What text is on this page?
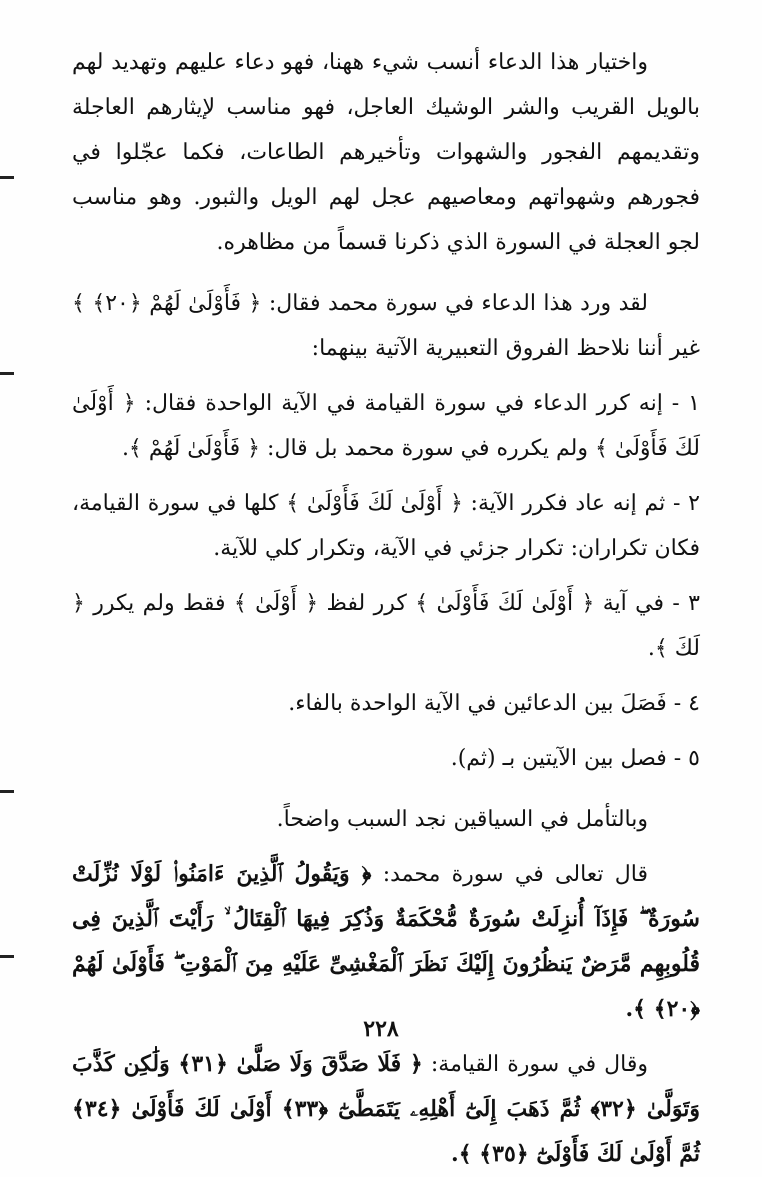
واختيار هذا الدعاء أنسب شيء ههنا، فهو دعاء عليهم وتهديد لهم بالويل القريب والشر الوشيك العاجل، فهو مناسب لإيثارهم العاجلة وتقديمهم الفجور والشهوات وتأخيرهم الطاعات، فكما عجّلوا في فجورهم وشهواتهم ومعاصيهم عجل لهم الويل والثبور. وهو مناسب لجو العجلة في السورة الذي ذكرنا قسماً من مظاهره.

لقد ورد هذا الدعاء في سورة محمد فقال: ﴿ فَأَوْلَىٰ لَهُمْ ﴿٢٠﴾ ﴾ غير أننا نلاحظ الفروق التعبيرية الآتية بينهما:

١ - إنه كرر الدعاء في سورة القيامة في الآية الواحدة فقال: ﴿ أَوْلَىٰ لَكَ فَأَوْلَىٰ ﴾ ولم يكرره في سورة محمد بل قال: ﴿ فَأَوْلَىٰ لَهُمْ ﴾.

٢ - ثم إنه عاد فكرر الآية: ﴿ أَوْلَىٰ لَكَ فَأَوْلَىٰ ﴾ كلها في سورة القيامة، فكان تكراران: تكرار جزئي في الآية، وتكرار كلي للآية.

٣ - في آية ﴿ أَوْلَىٰ لَكَ فَأَوْلَىٰ ﴾ كرر لفظ ﴿ أَوْلَىٰ ﴾ فقط ولم يكرر ﴿ لَكَ ﴾.

٤ - فَصَلَ بين الدعائين في الآية الواحدة بالفاء.

٥ - فصل بين الآيتين بـ (ثم).

وبالتأمل في السياقين نجد السبب واضحاً.

قال تعالى في سورة محمد: ﴿ وَيَقُولُ ٱلَّذِينَ ءَامَنُوا۟ لَوْلَا نُزِّلَتْ سُورَةٌ ۖ فَإِذَآ أُنزِلَتْ سُورَةٌ مُّحْكَمَةٌ وَذُكِرَ فِيهَا ٱلْقِتَالُ ۙ رَأَيْتَ ٱلَّذِينَ فِى قُلُوبِهِم مَّرَضٌ يَنظُرُونَ إِلَيْكَ نَظَرَ ٱلْمَغْشِىِّ عَلَيْهِ مِنَ ٱلْمَوْتِ ۖ فَأَوْلَىٰ لَهُمْ ﴿٢٠﴾ ﴾.

وقال في سورة القيامة: ﴿ فَلَا صَدَّقَ وَلَا صَلَّىٰ ﴿٣١﴾ وَلَٰكِن كَذَّبَ وَتَوَلَّىٰ ﴿٣٢﴾ ثُمَّ ذَهَبَ إِلَىٰٓ أَهْلِهِۦ يَتَمَطَّىٰٓ ﴿٣٣﴾ أَوْلَىٰ لَكَ فَأَوْلَىٰ ﴿٣٤﴾ ثُمَّ أَوْلَىٰ لَكَ فَأَوْلَىٰٓ ﴿٣٥﴾ ﴾.

٢٢٨
